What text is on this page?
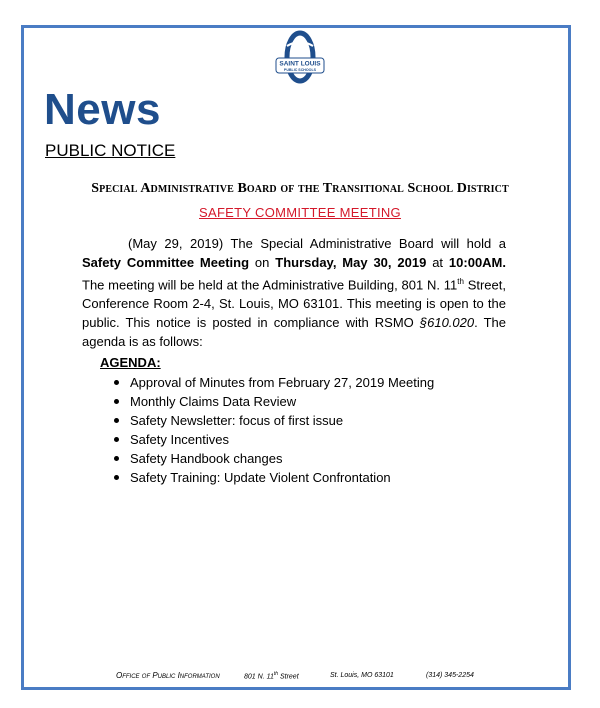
SAINT LOUIS
PUBLIC SCHOOLS
News
PUBLIC NOTICE
Special Administrative Board of the Transitional School District
SAFETY COMMITTEE MEETING
(May 29, 2019) The Special Administrative Board will hold a Safety Committee Meeting on Thursday, May 30, 2019 at 10:00AM. The meeting will be held at the Administrative Building, 801 N. 11th Street, Conference Room 2-4, St. Louis, MO 63101. This meeting is open to the public. This notice is posted in compliance with RSMO §610.020. The agenda is as follows:
AGENDA:
Approval of Minutes from February 27, 2019 Meeting
Monthly Claims Data Review
Safety Newsletter: focus of first issue
Safety Incentives
Safety Handbook changes
Safety Training: Update Violent Confrontation
Office of Public Information	801 N. 11th Street	St. Louis, MO 63101	(314) 345-2254
